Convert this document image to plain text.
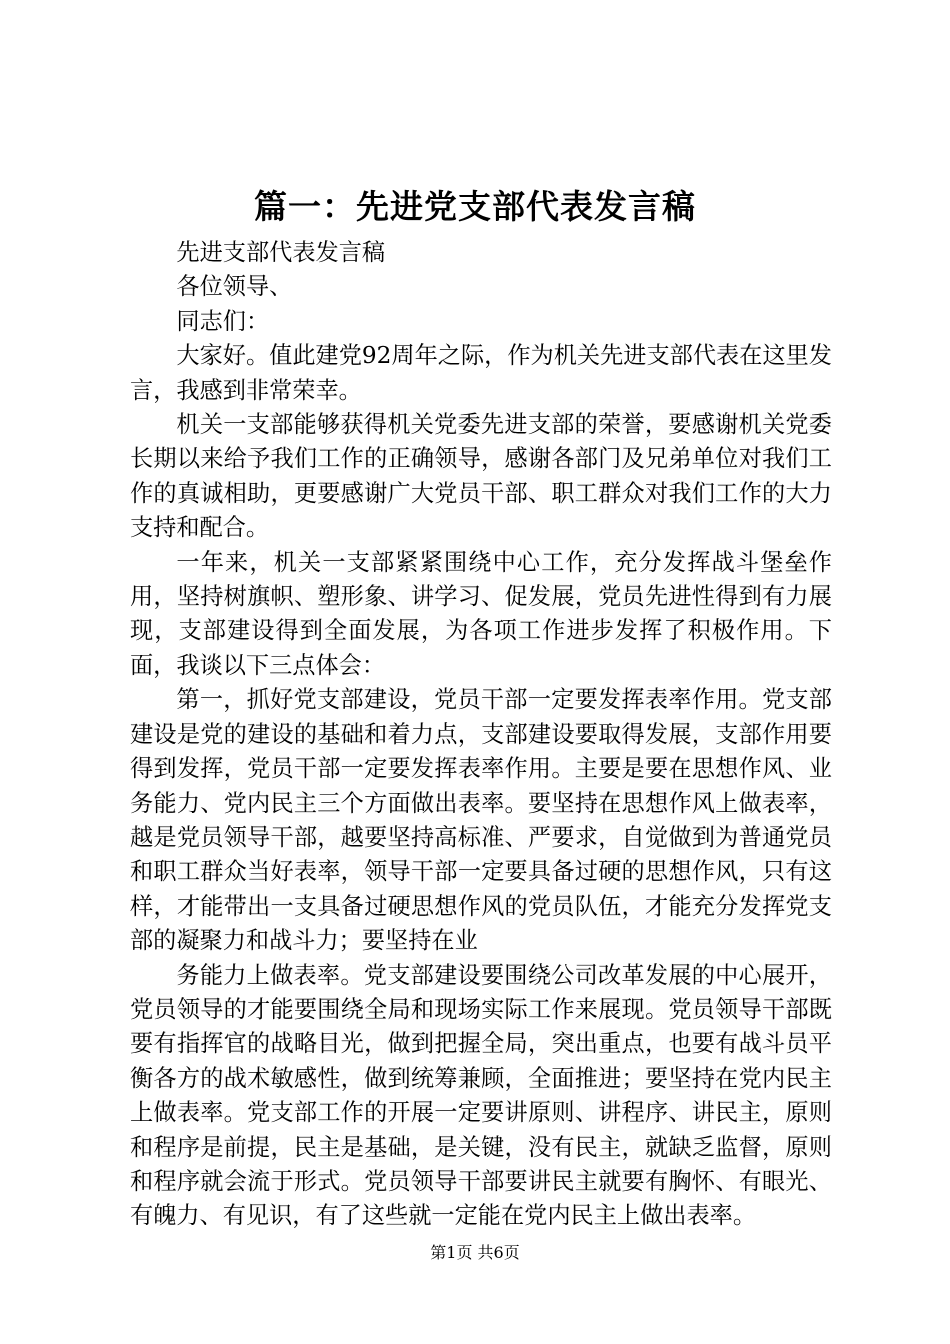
篇一：先进党支部代表发言稿

先进支部代表发言稿

各位领导、

同志们：

大家好。值此建党92周年之际，作为机关先进支部代表在这里发言，我感到非常荣幸。

机关一支部能够获得机关党委先进支部的荣誉，要感谢机关党委长期以来给予我们工作的正确领导，感谢各部门及兄弟单位对我们工作的真诚相助，更要感谢广大党员干部、职工群众对我们工作的大力支持和配合。

一年来，机关一支部紧紧围绕中心工作，充分发挥战斗堡垒作用，坚持树旗帜、塑形象、讲学习、促发展，党员先进性得到有力展现，支部建设得到全面发展，为各项工作进步发挥了积极作用。下面，我谈以下三点体会：

第一，抓好党支部建设，党员干部一定要发挥表率作用。党支部建设是党的建设的基础和着力点，支部建设要取得发展，支部作用要得到发挥，党员干部一定要发挥表率作用。主要是要在思想作风、业务能力、党内民主三个方面做出表率。要坚持在思想作风上做表率，越是党员领导干部，越要坚持高标准、严要求，自觉做到为普通党员和职工群众当好表率，领导干部一定要具备过硬的思想作风，只有这样，才能带出一支具备过硬思想作风的党员队伍，才能充分发挥党支部的凝聚力和战斗力；要坚持在业

务能力上做表率。党支部建设要围绕公司改革发展的中心展开，党员领导的才能要围绕全局和现场实际工作来展现。党员领导干部既要有指挥官的战略目光，做到把握全局，突出重点，也要有战斗员平衡各方的战术敏感性，做到统筹兼顾，全面推进；要坚持在党内民主上做表率。党支部工作的开展一定要讲原则、讲程序、讲民主，原则和程序是前提，民主是基础，是关键，没有民主，就缺乏监督，原则和程序就会流于形式。党员领导干部要讲民主就要有胸怀、有眼光、有魄力、有见识，有了这些就一定能在党内民主上做出表率。

第1页 共6页
